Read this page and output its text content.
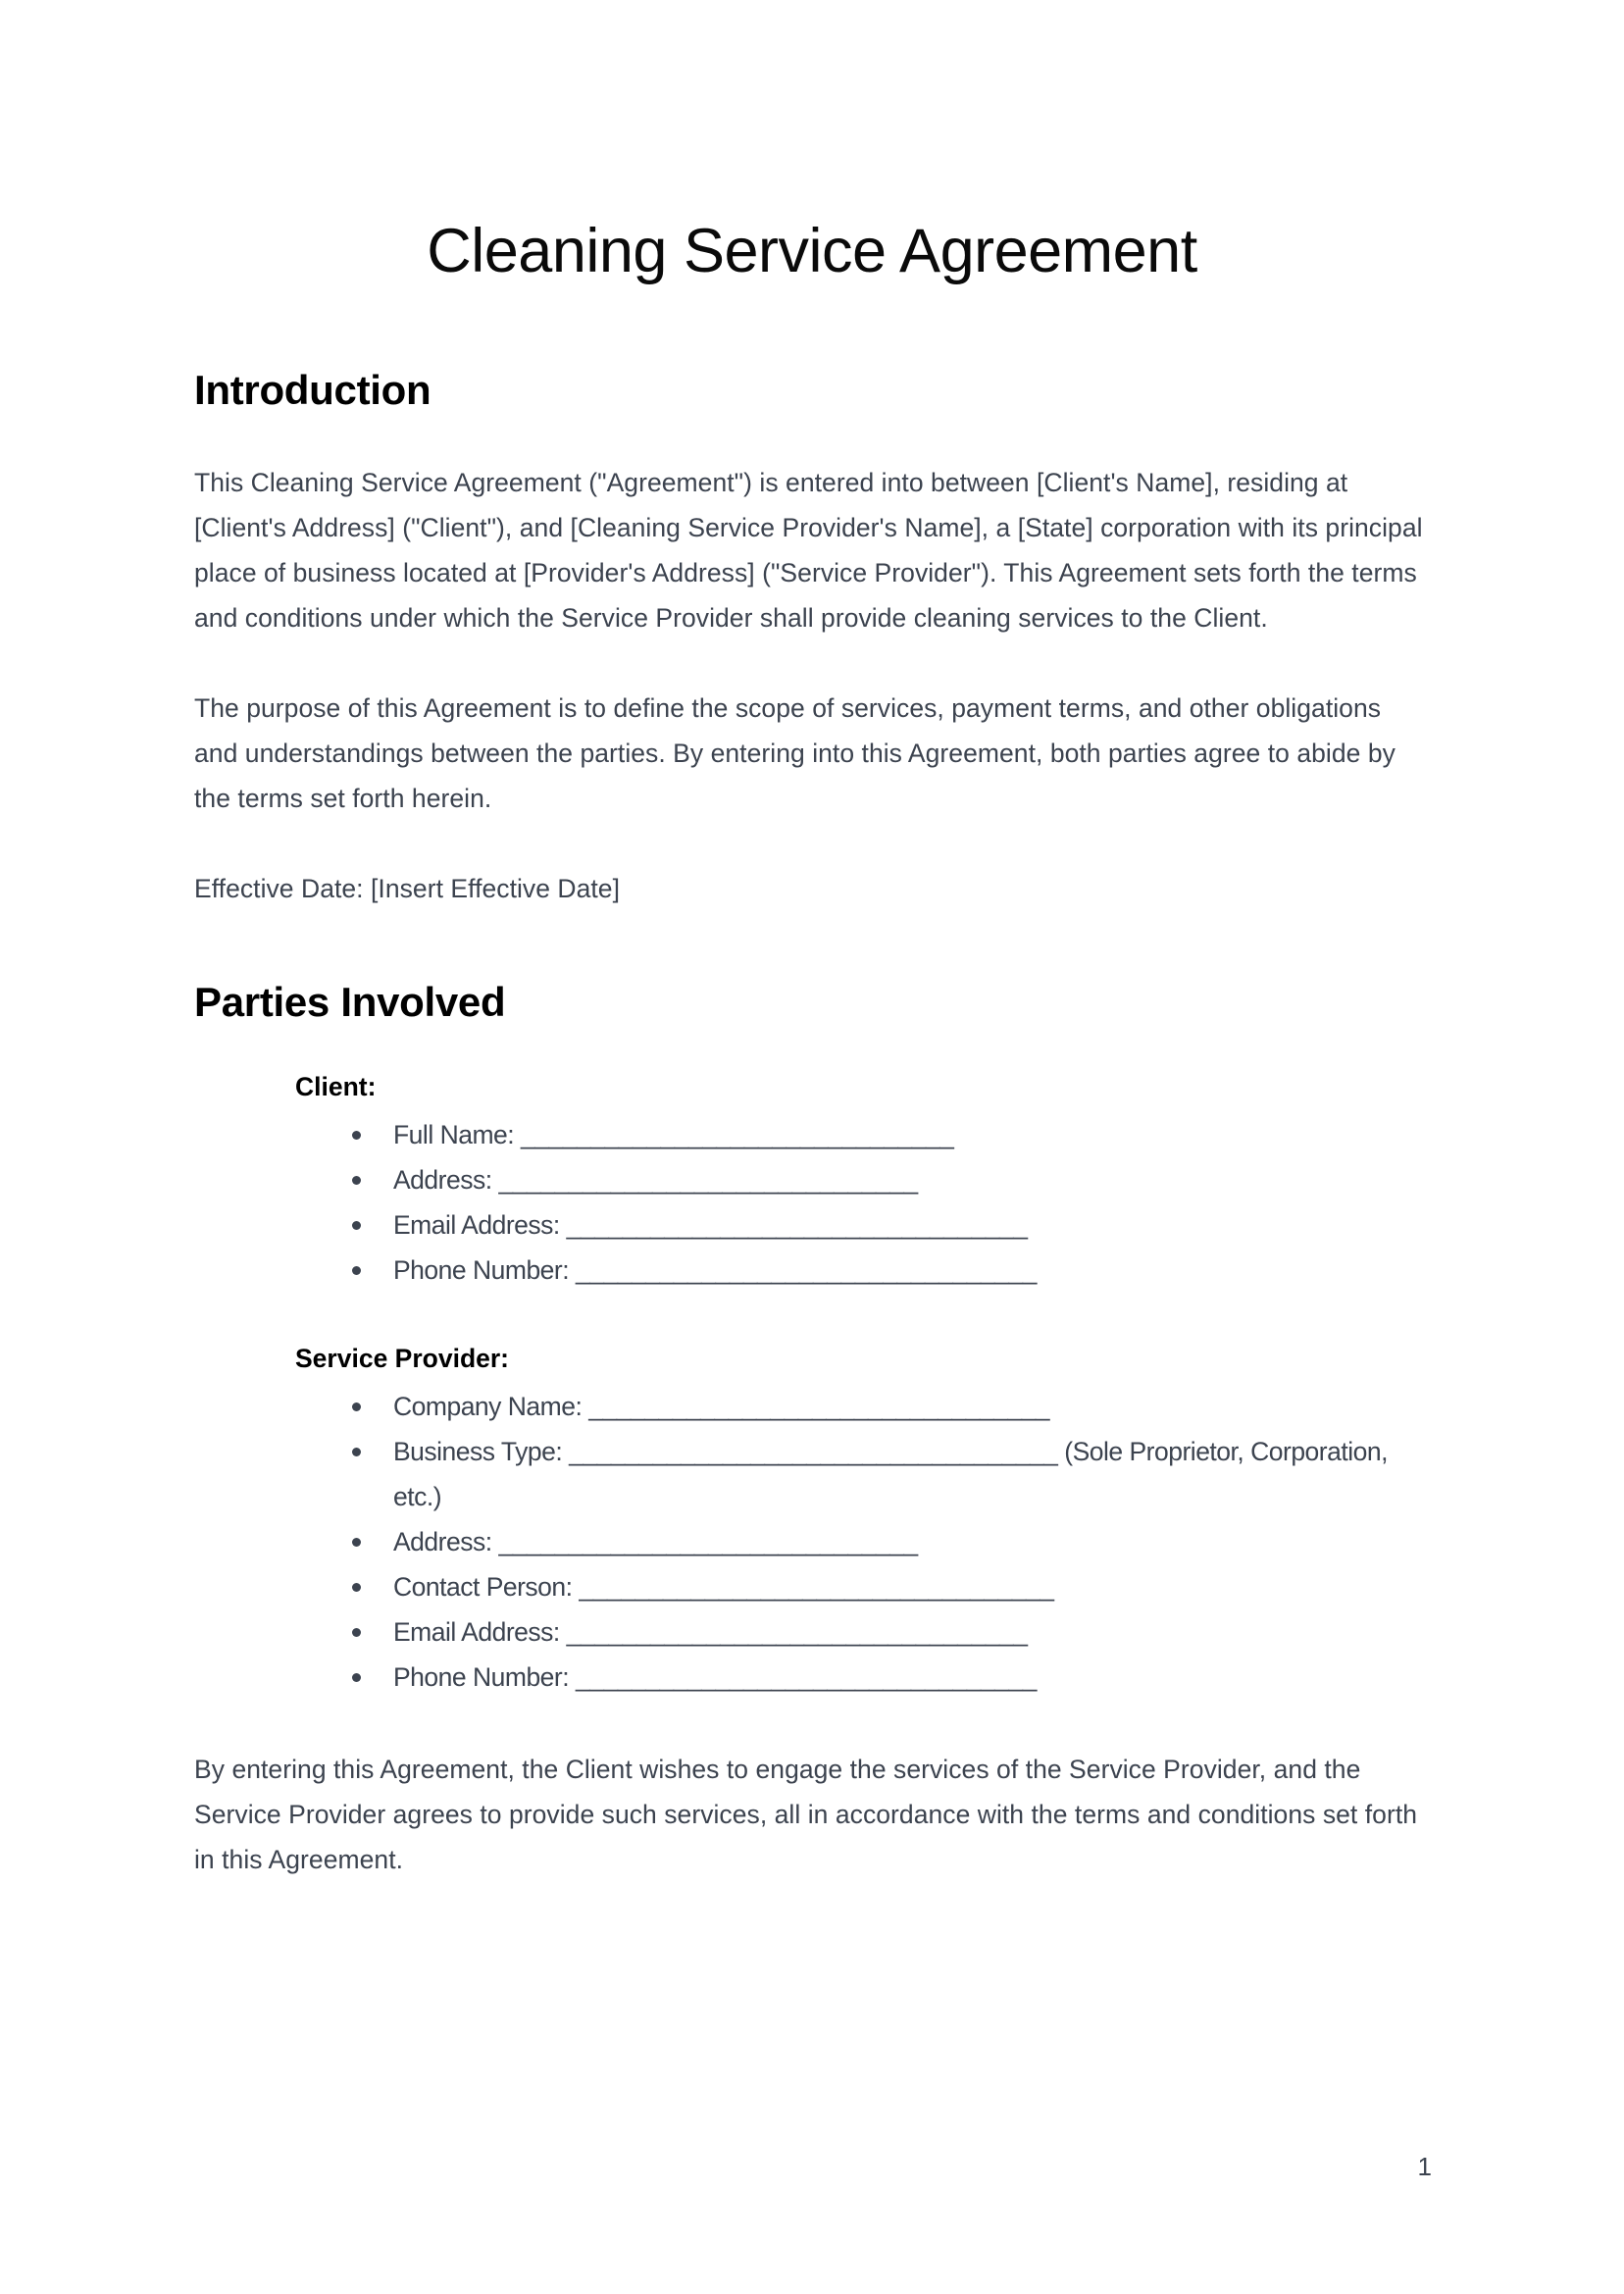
Cleaning Service Agreement
Introduction

This Cleaning Service Agreement ("Agreement") is entered into between [Client's Name], residing at [Client's Address] ("Client"), and [Cleaning Service Provider's Name], a [State] corporation with its principal place of business located at [Provider's Address] ("Service Provider"). This Agreement sets forth the terms and conditions under which the Service Provider shall provide cleaning services to the Client.

The purpose of this Agreement is to define the scope of services, payment terms, and other obligations and understandings between the parties. By entering into this Agreement, both parties agree to abide by the terms set forth herein.

Effective Date: [Insert Effective Date]

Parties Involved
Client:
Full Name: _______________________________
Address: ______________________________
Email Address: _________________________________
Phone Number: _________________________________
Service Provider:
Company Name: _________________________________
Business Type: ___________________________________ (Sole Proprietor, Corporation, etc.)
Address: ______________________________
Contact Person: __________________________________
Email Address: _________________________________
Phone Number: _________________________________

By entering this Agreement, the Client wishes to engage the services of the Service Provider, and the Service Provider agrees to provide such services, all in accordance with the terms and conditions set forth in this Agreement.

1
